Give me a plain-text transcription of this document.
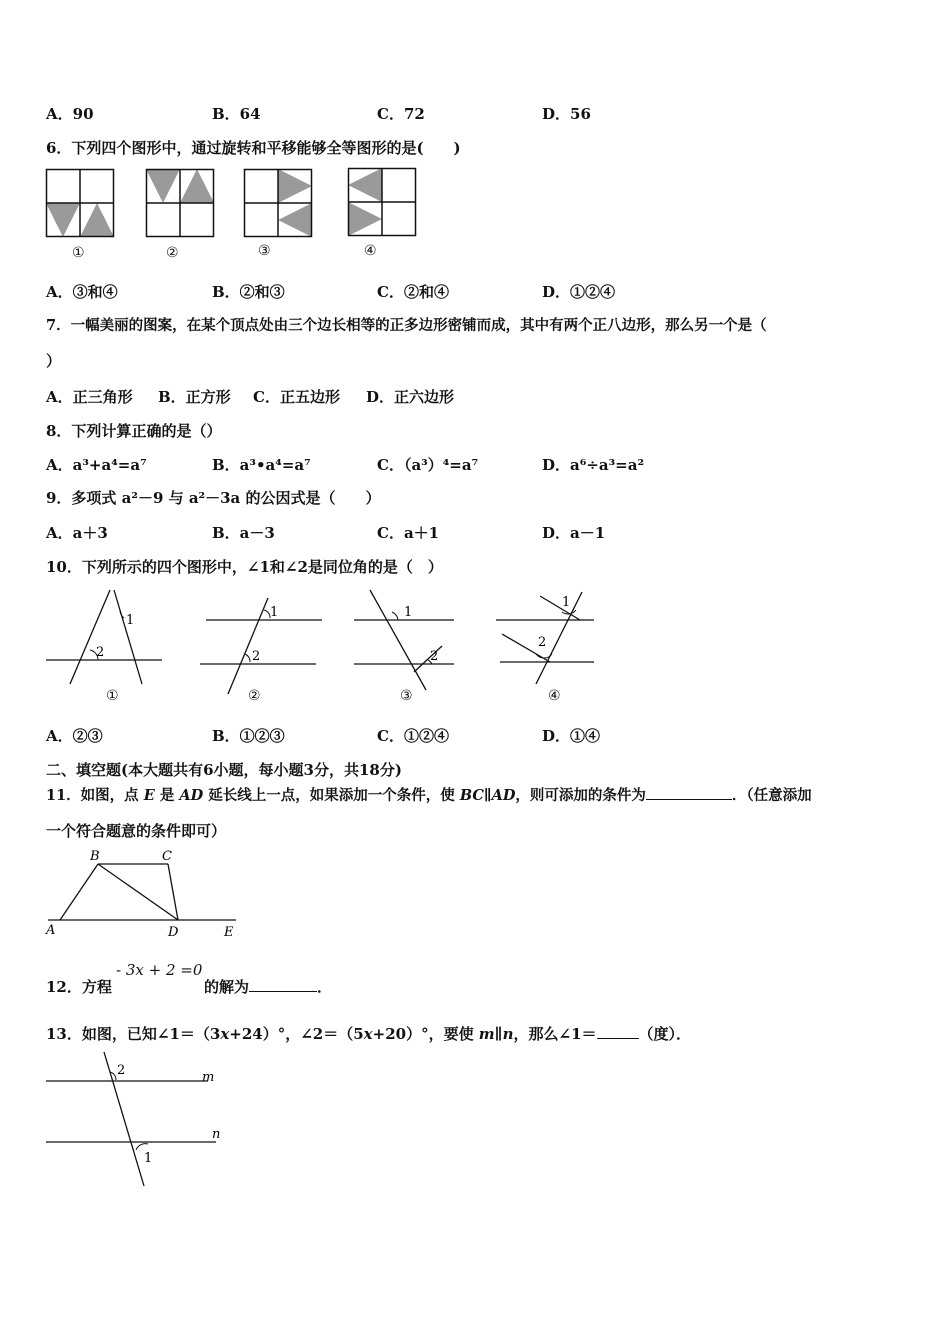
A．90	B．64	C．72	D．56
6．下列四个图形中，通过旋转和平移能够全等图形的是(　　)
①	②	③	④
A．③和④	B．②和③	C．②和④	D．①②④
7．一幅美丽的图案，在某个顶点处由三个边长相等的正多边形密铺而成，其中有两个正八边形，那么另一个是（
）
A．正三角形 B．正方形 C．正五边形 D．正六边形
8．下列计算正确的是（）
A．a³+a⁴=a⁷	B．a³•a⁴=a⁷	C．（a³）⁴=a⁷	D．a⁶÷a³=a²
9．多项式 a²－9 与 a²－3a 的公因式是（　　）
A．a＋3	B．a－3	C．a＋1	D．a－1
10．下列所示的四个图形中，∠1和∠2是同位角的是（　）
1
2
1
2
1
2
1
2
①	②	③	④
A．②③	B．①②③	C．①②④	D．①④
二、填空题(本大题共有6小题，每小题3分，共18分)
11．如图，点 E 是 AD 延长线上一点，如果添加一个条件，使 BC∥AD，则可添加的条件为	．（任意添加
一个符合题意的条件即可）
A
B	C
D	E
12．方程
- 3x + 2 =0
的解为	．
13．如图，已知∠1＝（3x+24）°，∠2＝（5x+20）°，要使 m∥n，那么∠1＝	（度）．
2	m
n
1
